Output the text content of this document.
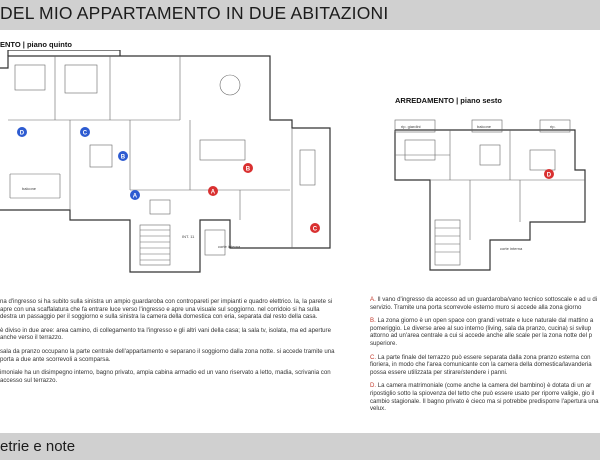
DEL MIO APPARTAMENTO IN DUE ABITAZIONI
ENTO | piano quinto
balcone
INT. 11
corte interna
D	C
B
A
A
B
C
ARREDAMENTO | piano sesto
rip. giardini	balcone	rip.
corte interna
D

na d'ingresso si ha subito sulla sinistra un ampio guardaroba con contropareti per impianti e quadro elettrico. la, la parete si apre con una scaffalatura che fa entrare luce verso l'ingresso e apre una visuale sul soggiorno. nel corridoio si ha sulla destra un passaggio per il soggiorno e sulla sinistra la camera della domestica con eria, separata dal resto della casa.

è diviso in due aree: area camino, di collegamento tra l'ingresso e gli altri vani della casa; la sala tv, isolata, ma ed aperture anche verso il terrazzo.

sala da pranzo occupano la parte centrale dell'appartamento e separano il soggiorno dalla zona notte. si accede tramite una porta a due ante scorrevoli a scomparsa.

imoniale ha un disimpegno interno, bagno privato, ampia cabina armadio ed un vano riservato a letto, madia, scrivania con accesso sul terrazzo.

A. Il vano d'ingresso da accesso ad un guardaroba/vano tecnico sottoscale e ad u di servizio. Tramite una porta scorrevole esterno muro si accede alla zona giorno

B. La zona giorno è un open space con grandi vetrate e luce naturale dal mattino a pomeriggio. Le diverse aree al suo interno (living, sala da pranzo, cucina) si svilup attorno ad un'area centrale a cui si accede anche alle scale per la zona notte del p superiore.

C. La parte finale del terrazzo può essere separata dalla zona pranzo esterna con fioriera, in modo che l'area comunicante con la camera della domestica/lavanderia possa essere utilizzata per stirare/stendere i panni.

D. La camera matrimoniale (come anche la camera del bambino) è dotata di un ar ripostiglio sotto la spiovenza del tetto che può essere usato per riporre valigie, gio il cambio stagionale. Il bagno privato è cieco ma si potrebbe predisporre l'apertura una velux.

etrie e note
